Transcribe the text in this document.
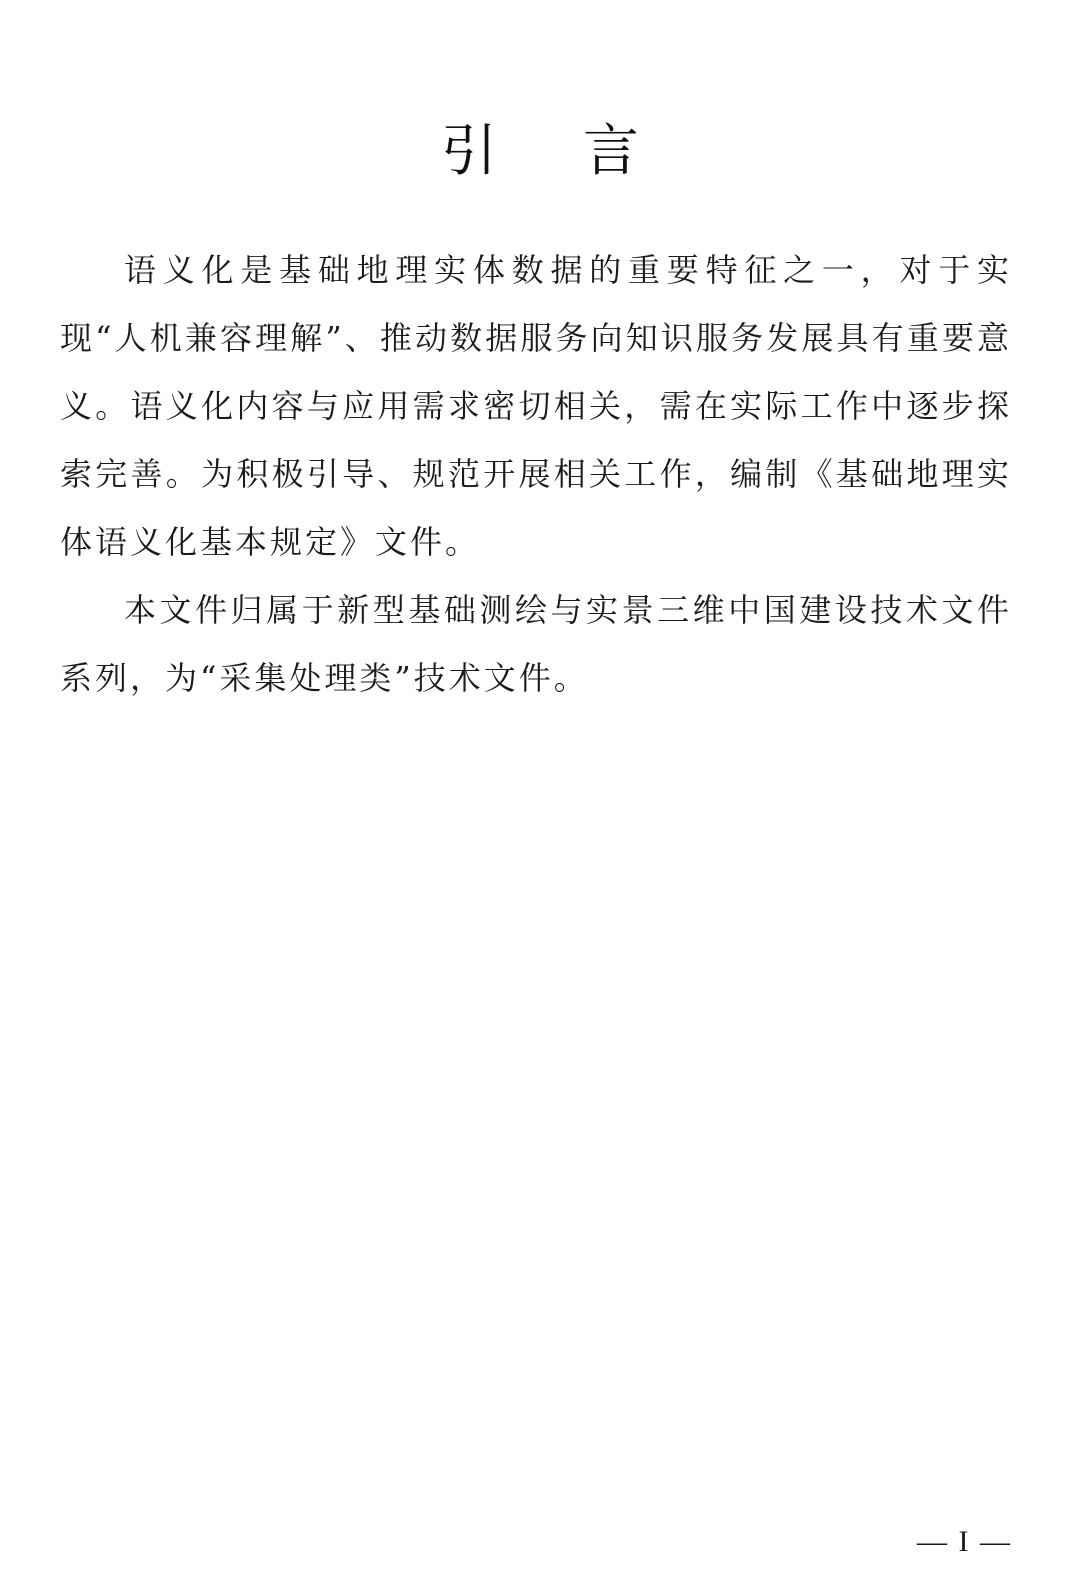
引言

语义化是基础地理实体数据的重要特征之一，对于实现“人机兼容理解”、推动数据服务向知识服务发展具有重要意义。语义化内容与应用需求密切相关，需在实际工作中逐步探索完善。为积极引导、规范开展相关工作，编制《基础地理实体语义化基本规定》文件。

本文件归属于新型基础测绘与实景三维中国建设技术文件系列，为“采集处理类”技术文件。

— I —
